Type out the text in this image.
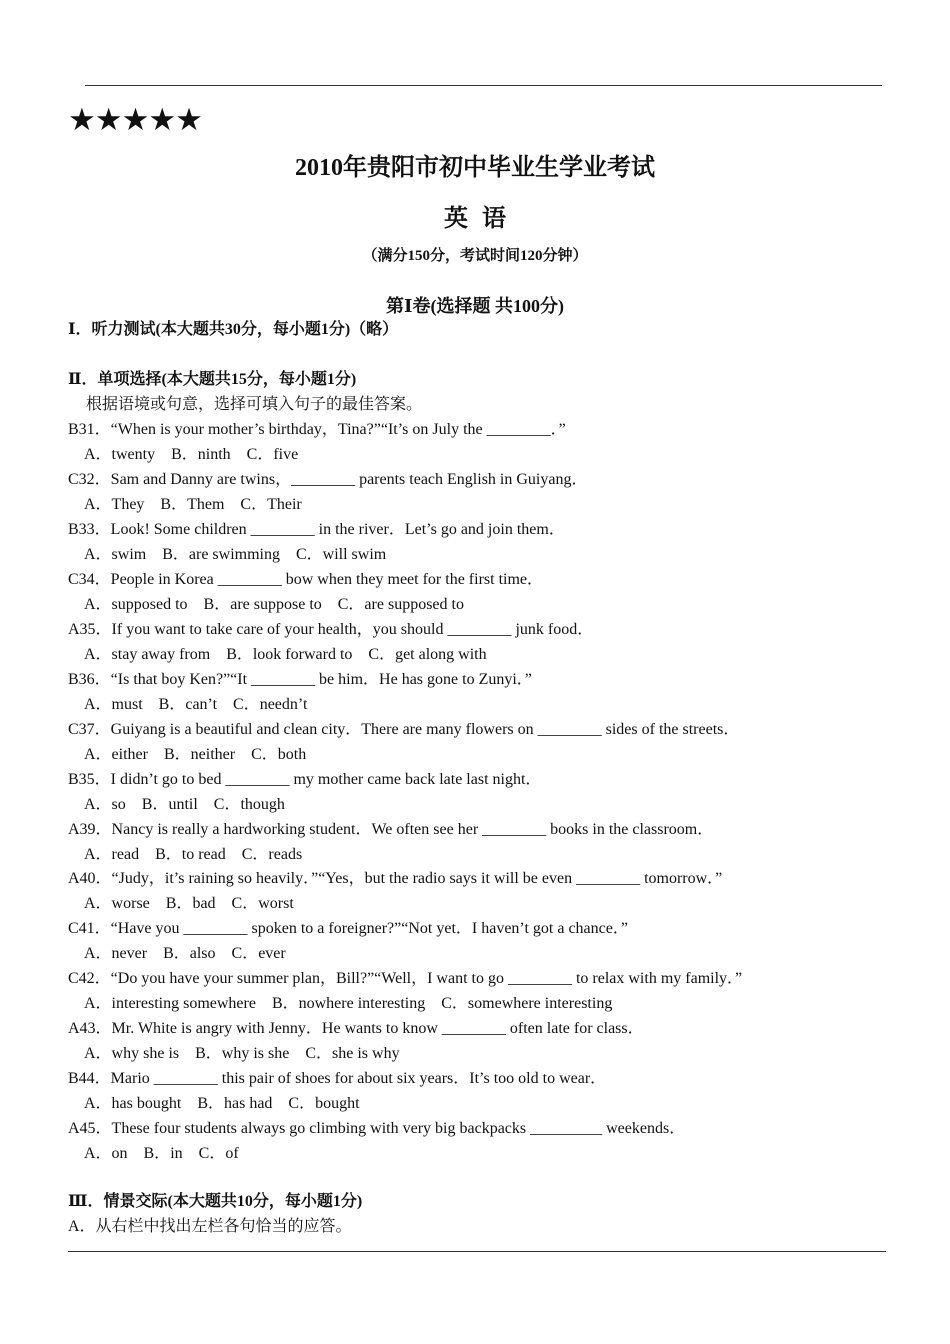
★★★★★
2010年贵阳市初中毕业生学业考试
英语
（满分150分，考试时间120分钟）
第Ⅰ卷(选择题 共100分)
Ⅰ．听力测试(本大题共30分，每小题1分)（略）
Ⅱ．单项选择(本大题共15分，每小题1分)
根据语境或句意，选择可填入句子的最佳答案。
B31．“When is your mother’s birthday，Tina?”“It’s on July the ________．”
A．twenty    B．ninth    C．five
C32．Sam and Danny are twins，________ parents teach English in Guiyang．
A．They    B．Them    C．Their
B33．Look! Some children ________ in the river．Let’s go and join them．
A．swim    B．are swimming    C．will swim
C34．People in Korea ________ bow when they meet for the first time．
A．supposed to    B．are suppose to    C．are supposed to
A35．If you want to take care of your health，you should ________ junk food．
A．stay away from    B．look forward to    C．get along with
B36．“Is that boy Ken?”“It ________ be him．He has gone to Zunyi．”
A．must    B．can’t    C．needn’t
C37．Guiyang is a beautiful and clean city．There are many flowers on ________ sides of the streets．
A．either    B．neither    C．both
B35．I didn’t go to bed ________ my mother came back late last night．
A．so    B．until    C．though
A39．Nancy is really a hardworking student．We often see her ________ books in the classroom．
A．read    B．to read    C．reads
A40．“Judy，it’s raining so heavily．”“Yes，but the radio says it will be even ________ tomorrow．”
A．worse    B．bad    C．worst
C41．“Have you ________ spoken to a foreigner?”“Not yet．I haven’t got a chance．”
A．never    B．also    C．ever
C42．“Do you have your summer plan，Bill?”“Well，I want to go ________ to relax with my family．”
A．interesting somewhere    B．nowhere interesting    C．somewhere interesting
A43．Mr. White is angry with Jenny．He wants to know ________ often late for class．
A．why she is    B．why is she    C．she is why
B44．Mario ________ this pair of shoes for about six years．It’s too old to wear．
A．has bought    B．has had    C．bought
A45．These four students always go climbing with very big backpacks _________ weekends．
A．on    B．in    C．of
Ⅲ．情景交际(本大题共10分，每小题1分)
A．从右栏中找出左栏各句恰当的应答。
